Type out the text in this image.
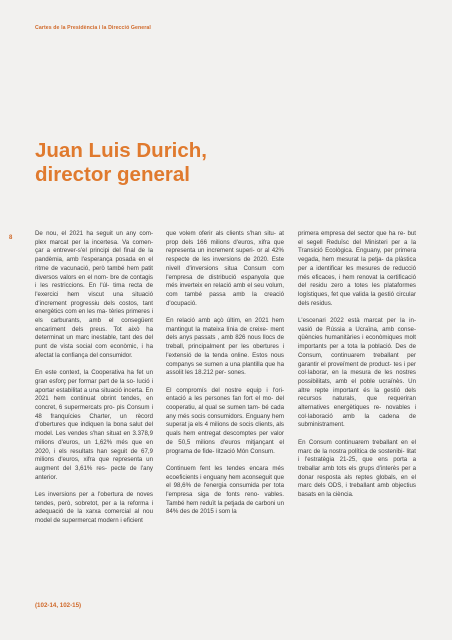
Cartes de la Presidència i la Direcció General
8
Juan Luis Durich,
director general

De nou, el 2021 ha seguit un any com- plex marcat per la incertesa. Va comen- çar a entrever-s'el principi del final de la pandèmia, amb l'esperança posada en el ritme de vacunació, però també hem patit diversos valors en el nom- bre de contagis i les restriccions. En l'úl- tima recta de l'exercici hem viscut una situació d'increment progressiu dels costos, tant energètics com en les ma- tèries primeres i els carburants, amb el consegüent encariment dels preus. Tot això ha determinat un marc inestable, tant des del punt de vista social com econòmic, i ha afectat la confiança del consumidor.

En este context, la Cooperativa ha fet un gran esforç per formar part de la so- lució i aportar estabilitat a una situació incerta. En 2021 hem continuat obrint tendes, en concret, 6 supermercats pro- pis Consum i 48 franquícies Charter, un rècord d'obertures que indiquen la bona salut del model. Les vendes s'han situat en 3.378,9 milions d'euros, un 1,62% més que en 2020, i els resultats han seguit de 67,9 milions d'euros, xifra que representa un augment del 3,61% res- pecte de l'any anterior.

Les inversions per a l'obertura de noves tendes, però, sobretot, per a la reforma i adequació de la xarxa comercial al nou model de supermercat modern i eficient

que volem oferir als clients s'han situ- at prop dels 166 milions d'euros, xifra que representa un increment superi- or al 42% respecte de les inversions de 2020. Este nivell d'inversions situa Consum com l'empresa de distribució espanyola que més inverteix en relació amb el seu volum, com també passa amb la creació d'ocupació.

En relació amb açò últim, en 2021 hem mantingut la mateixa línia de creixe- ment dels anys passats , amb 826 nous llocs de treball, principalment per les obertures i l'extensió de la tenda online. Estos nous companys se sumen a una plantilla que ha assolit les 18.212 per- sones.

El compromís del nostre equip i l'ori- entació a les persones fan fort el mo- del cooperatiu, al qual se sumen tam- bé cada any més socis consumidors. Enguany hem superat ja els 4 milions de socis clients, als quals hem entregat descomptes per valor de 50,5 milions d'euros mitjançant el programa de fide- lització Món Consum.

Continuem fent les tendes encara més ecoeficients i enguany hem aconseguit que el 98,6% de l'energia consumida per tota l'empresa siga de fonts reno- vables. També hem reduït la petjada de carboni un 84% des de 2015 i som la

primera empresa del sector que ha re- but el segell Reduïsc del Ministeri per a la Transició Ecològica. Enguany, per primera vegada, hem mesurat la petja- da plàstica per a identificar les mesures de reducció més eficaces, i hem renovat la certificació del residu zero a totes les plataformes logístiques, fet que valida la gestió circular dels residus.

L'escenari 2022 està marcat per la in- vasió de Rússia a Ucraïna, amb conse- qüències humanitàries i econòmiques molt importants per a tota la població. Des de Consum, continuarem treballant per garantir el proveïment de product- tes i per col·laborar, en la mesura de les nostres possibilitats, amb el poble ucraïnès. Un altre repte important és la gestió dels recursos naturals, que requeriran alternatives energètiques re- novables i col·laboració amb la cadena de subministrament.

En Consum continuarem treballant en el marc de la nostra política de sostenibi- litat i l'estratègia 21-25, que ens porta a treballar amb tots els grups d'interès per a donar resposta als reptes globals, en el marc dels ODS, i treballant amb objectius basats en la ciència.

(102-14, 102-15)
